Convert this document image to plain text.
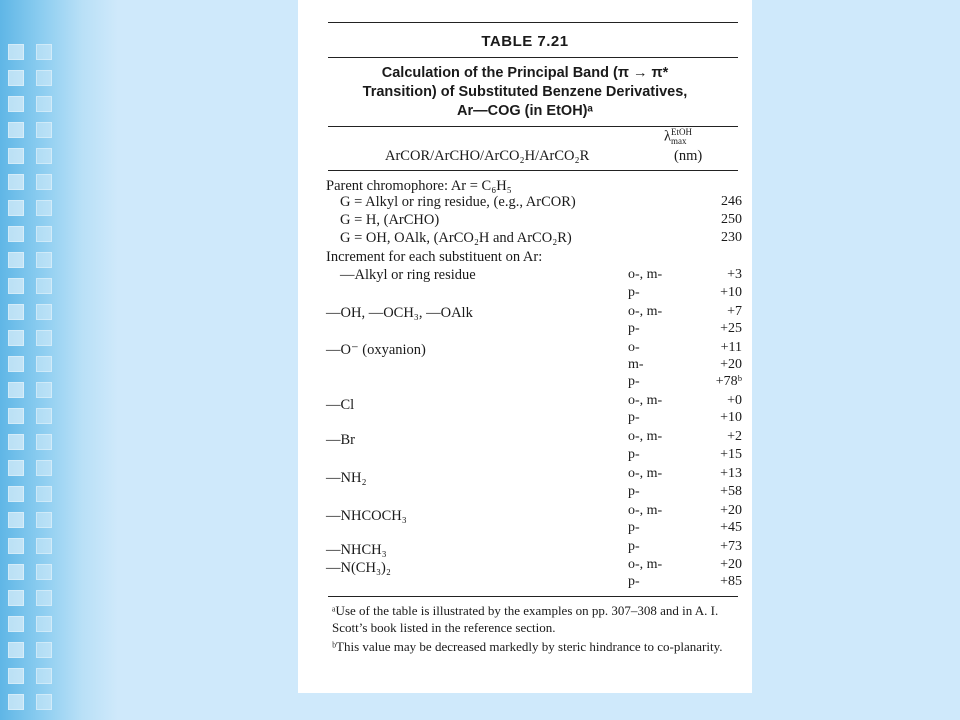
TABLE 7.21
Calculation of the Principal Band (π → π*
Transition) of Substituted Benzene Derivatives,
Ar—COG (in EtOH)ᵃ
λEtOH
max
ArCOR/ArCHO/ArCO₂H/ArCO₂R	(nm)
Parent chromophore: Ar = C₆H₅
G = Alkyl or ring residue, (e.g., ArCOR)	246
G = H, (ArCHO)	250
G = OH, OAlk, (ArCO₂H and ArCO₂R)	230
Increment for each substituent on Ar:
—Alkyl or ring residue	o-, m-	+3
p-	+10
—OH, —OCH₃, —OAlk	o-, m-	+7
p-	+25
—O⁻ (oxyanion)	o-	+11
m-	+20
p-	+78ᵇ
—Cl	o-, m-	+0
p-	+10
—Br	o-, m-	+2
p-	+15
—NH₂	o-, m-	+13
p-	+58
—NHCOCH₃	o-, m-	+20
p-	+45
—NHCH₃	p-	+73
—N(CH₃)₂	o-, m-	+20
p-	+85
ᵃUse of the table is illustrated by the examples on pp. 307–308 and in A. I. Scott’s book listed in the reference section.
ᵇThis value may be decreased markedly by steric hindrance to co-planarity.
